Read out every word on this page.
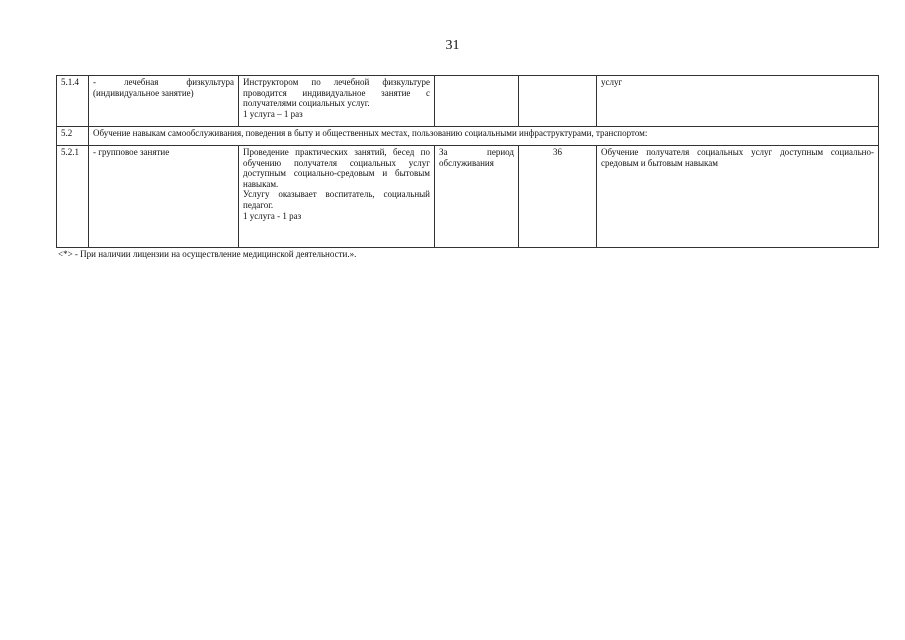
31
5.1.4	- лечебная физкультура (индивидуальное занятие)	Инструктором по лечебной физкультуре проводится индивидуальное занятие с получателями социальных услуг.
1 услуга – 1 раз			услуг
5.2	Обучение навыкам самообслуживания, поведения в быту и общественных местах, пользованию социальными инфраструктурами, транспортом:				
5.2.1	- групповое занятие	Проведение практических занятий, бесед по обучению получателя социальных услуг доступным социально-средовым и бытовым навыкам.
Услугу оказывает воспитатель, социальный педагог.
1 услуга - 1 раз	За период обслуживания	36	Обучение получателя социальных услуг доступным социально-средовым и бытовым навыкам
<*> - При наличии лицензии на осуществление медицинской деятельности.».
